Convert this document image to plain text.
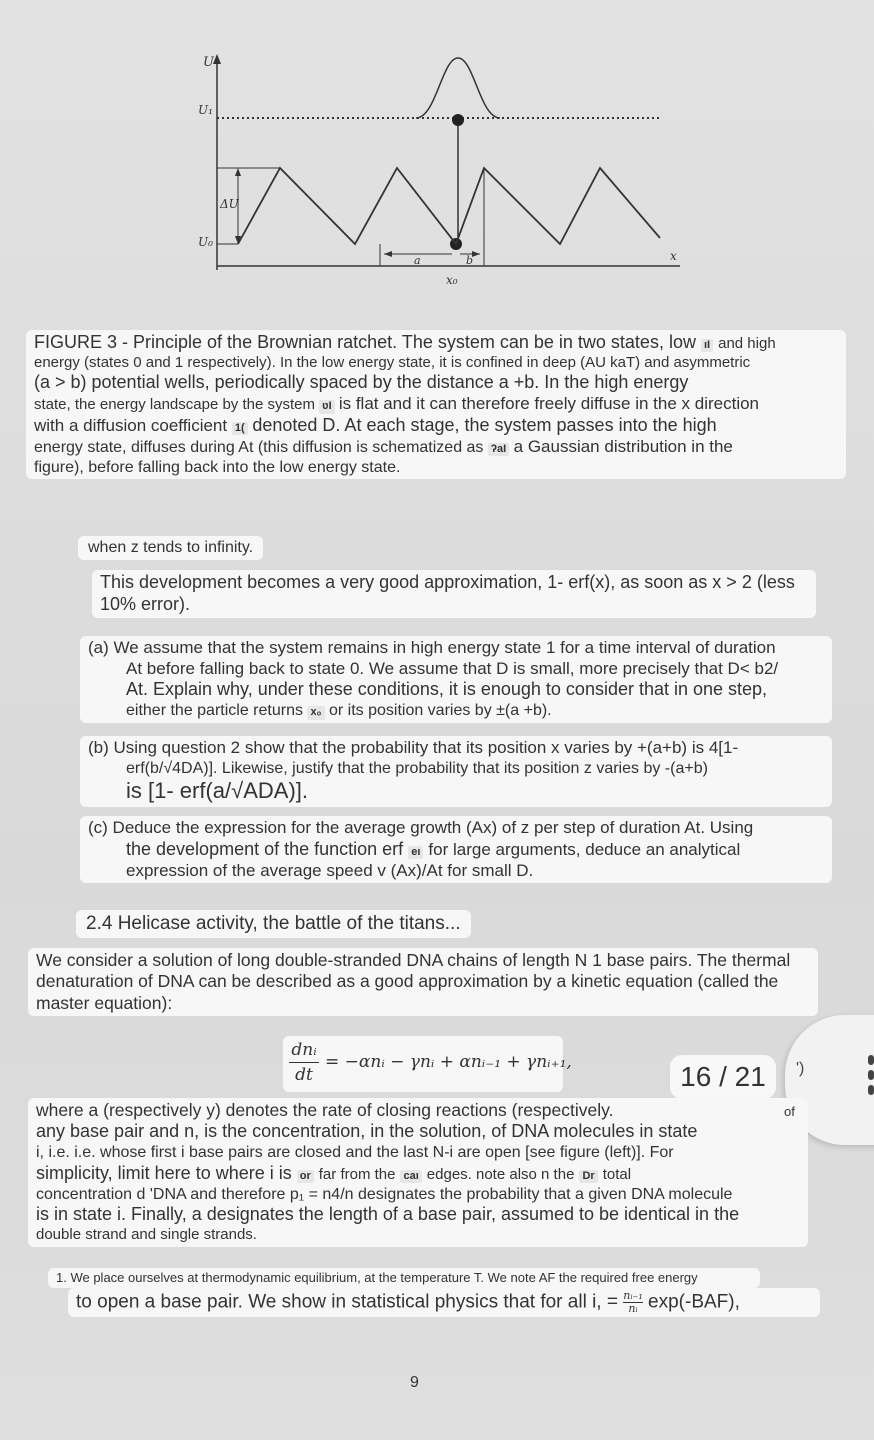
U
U₁
ΔU
U₀
x
a	b
x₀

FIGURE 3 - Principle of the Brownian ratchet. The system can be in two states, low ıI and high

energy (states 0 and 1 respectively). In the low energy state, it is confined in deep (AU kaT) and asymmetric

(a > b) potential wells, periodically spaced by the distance a +b. In the high energy

state, the energy landscape by the system ʋI is flat and it can therefore freely diffuse in the x direction

with a diffusion coefficient 1( denoted D. At each stage, the system passes into the high

energy state, diffuses during At (this diffusion is schematized as ʔaI a Gaussian distribution in the

figure), before falling back into the low energy state.

when z tends to infinity.
This development becomes a very good approximation, 1- erf(x), as soon as x > 2 (less 10% error).

(a) We assume that the system remains in high energy state 1 for a time interval of duration

At before falling back to state 0. We assume that D is small, more precisely that D< b2/

At. Explain why, under these conditions, it is enough to consider that in one step,

either the particle returns x₀ or its position varies by ±(a +b).

(b) Using question 2 show that the probability that its position x varies by +(a+b) is 4[1-

erf(b/√4DA)]. Likewise, justify that the probability that its position z varies by -(a+b)

is [1- erf(a/√ADA)].

(c) Deduce the expression for the average growth (Ax) of z per step of duration At. Using

the development of the function erf eı for large arguments, deduce an analytical

expression of the average speed v (Ax)/At for small D.

2.4 Helicase activity, the battle of the titans...
We consider a solution of long double-stranded DNA chains of length N 1 base pairs. The thermal denaturation of DNA can be described as a good approximation by a kinetic equation (called the master equation):
dnᵢ
dt
= −αnᵢ − γnᵢ + αnᵢ₋₁ + γnᵢ₊₁,	16 / 21	')

where a (respectively y) denotes the rate of closing reactions (respectively.

any base pair and n, is the concentration, in the solution, of DNA molecules in state

i, i.e. i.e. whose first i base pairs are closed and the last N-i are open [see figure (left)]. For

simplicity, limit here to where i is or far from the caı edges. note also n the Dr total

concentration d 'DNA and therefore p₁ = n4/n designates the probability that a given DNA molecule

is in state i. Finally, a designates the length of a base pair, assumed to be identical in the

double strand and single strands.

of
1. We place ourselves at thermodynamic equilibrium, at the temperature T. We note AF the required free energy
to open a base pair. We show in statistical physics that for all i, = $\frac{\text{nᵢ₋₁}}{\text{nᵢ}} \exp(-BAF)$,
9
